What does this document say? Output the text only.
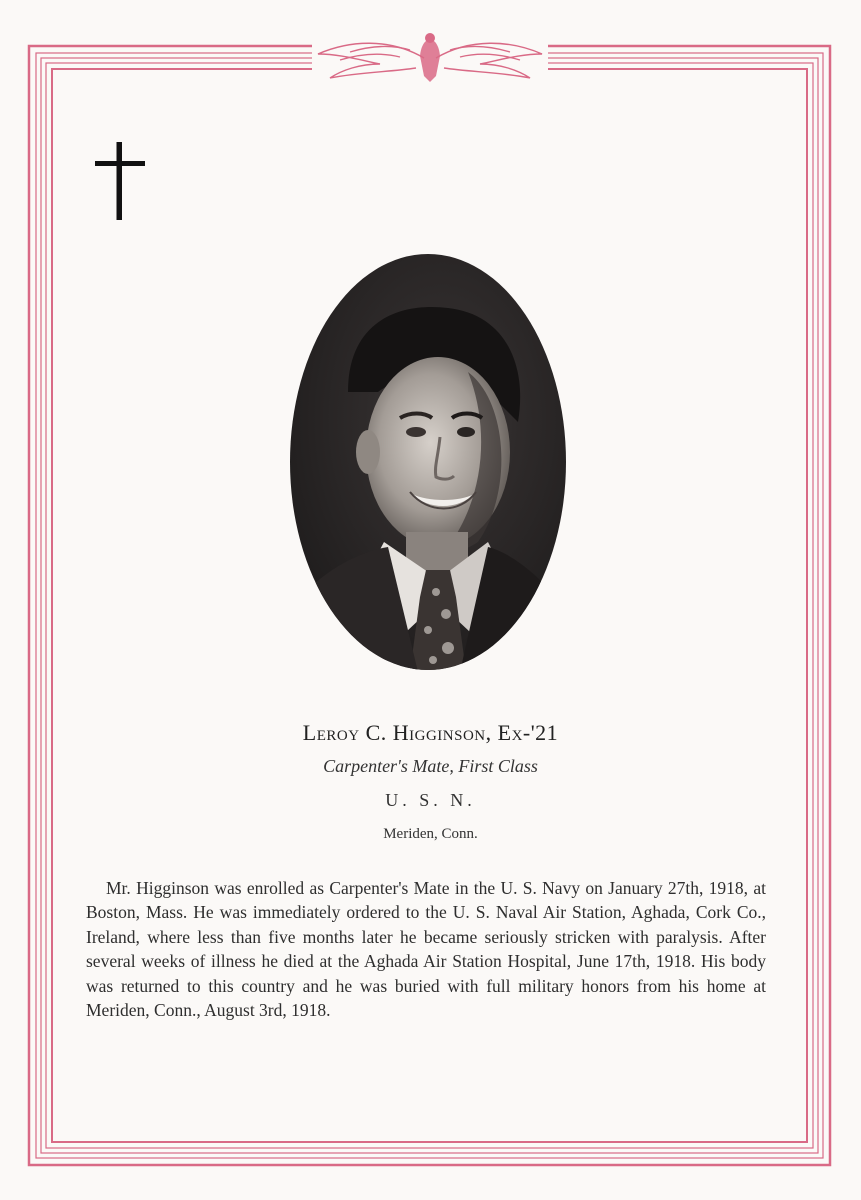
Leroy C. Higginson, Ex-'21
Carpenter's Mate, First Class
U. S. N.
Meriden, Conn.

Mr. Higginson was enrolled as Carpenter's Mate in the U. S. Navy on January 27th, 1918, at Boston, Mass. He was immediately ordered to the U. S. Naval Air Station, Aghada, Cork Co., Ireland, where less than five months later he became seriously stricken with paralysis. After several weeks of illness he died at the Aghada Air Station Hospital, June 17th, 1918. His body was returned to this country and he was buried with full military honors from his home at Meriden, Conn., August 3rd, 1918.
